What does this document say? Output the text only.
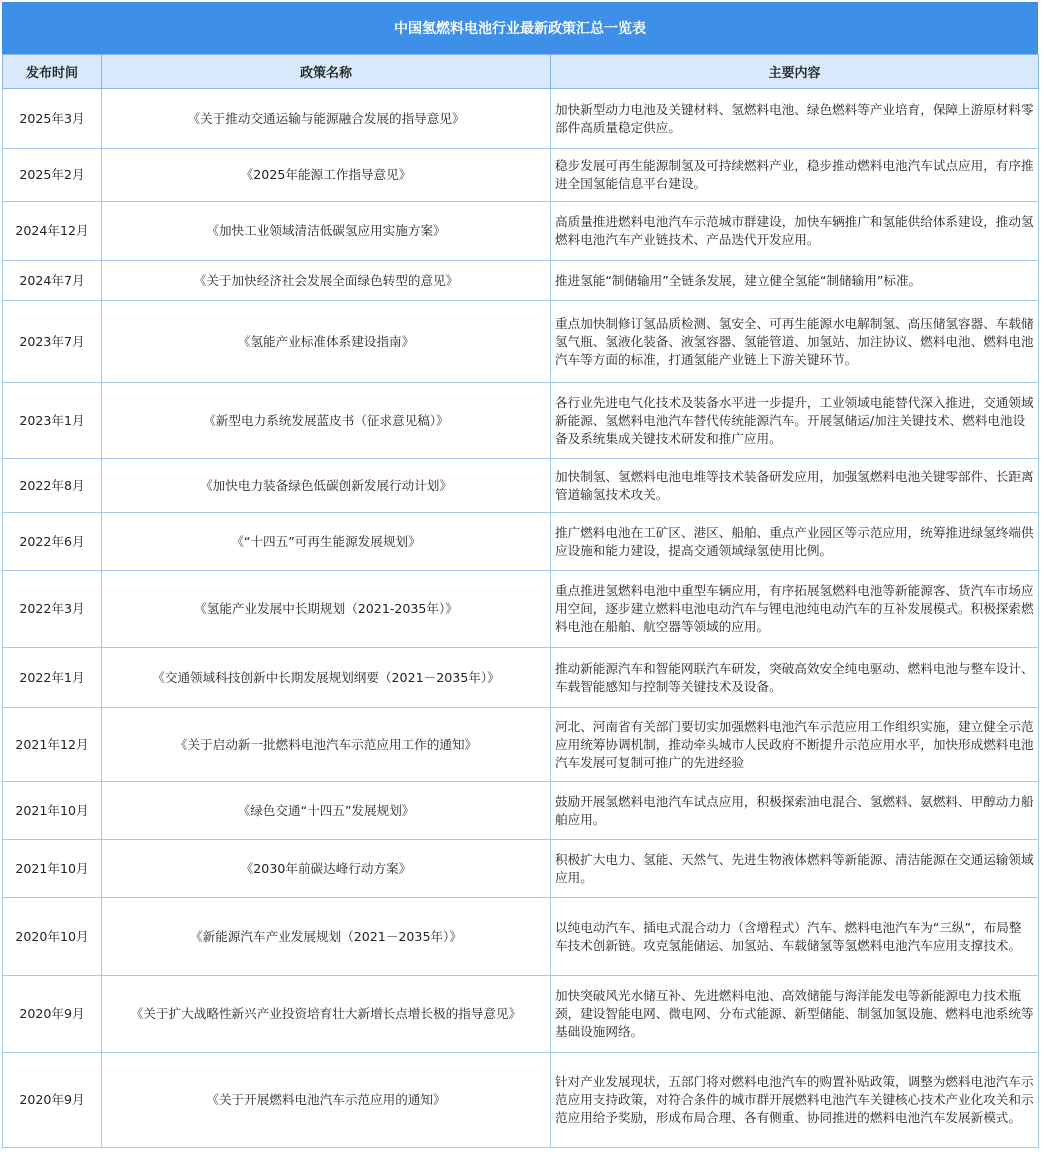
中国氢燃料电池行业最新政策汇总一览表
发布时间	政策名称	主要内容
2025年3月	《关于推动交通运输与能源融合发展的指导意见》	加快新型动力电池及关键材料、氢燃料电池、绿色燃料等产业培育，保障上游原材料零部件高质量稳定供应。
2025年2月	《2025年能源工作指导意见》	稳步发展可再生能源制氢及可持续燃料产业，稳步推动燃料电池汽车试点应用，有序推进全国氢能信息平台建设。
2024年12月	《加快工业领域清洁低碳氢应用实施方案》	高质量推进燃料电池汽车示范城市群建设，加快车辆推广和氢能供给体系建设，推动氢燃料电池汽车产业链技术、产品迭代开发应用。
2024年7月	《关于加快经济社会发展全面绿色转型的意见》	推进氢能“制储输用”全链条发展，建立健全氢能“制储输用”标准。
2023年7月	《氢能产业标准体系建设指南》	重点加快制修订氢品质检测、氢安全、可再生能源水电解制氢、高压储氢容器、车载储氢气瓶、氢液化装备、液氢容器、氢能管道、加氢站、加注协议、燃料电池、燃料电池汽车等方面的标准，打通氢能产业链上下游关键环节。
2023年1月	《新型电力系统发展蓝皮书（征求意见稿）》	各行业先进电气化技术及装备水平进一步提升，工业领域电能替代深入推进，交通领域新能源、氢燃料电池汽车替代传统能源汽车。开展氢储运/加注关键技术、燃料电池设备及系统集成关键技术研发和推广应用。
2022年8月	《加快电力装备绿色低碳创新发展行动计划》	加快制氢、氢燃料电池电堆等技术装备研发应用，加强氢燃料电池关键零部件、长距离管道输氢技术攻关。
2022年6月	《“十四五”可再生能源发展规划》	推广燃料电池在工矿区、港区、船舶、重点产业园区等示范应用，统筹推进绿氢终端供应设施和能力建设，提高交通领域绿氢使用比例。
2022年3月	《氢能产业发展中长期规划（2021-2035年）》	重点推进氢燃料电池中重型车辆应用，有序拓展氢燃料电池等新能源客、货汽车市场应用空间，逐步建立燃料电池电动汽车与锂电池纯电动汽车的互补发展模式。积极探索燃料电池在船舶、航空器等领域的应用。
2022年1月	《交通领域科技创新中长期发展规划纲要（2021－2035年）》	推动新能源汽车和智能网联汽车研发，突破高效安全纯电驱动、燃料电池与整车设计、车载智能感知与控制等关键技术及设备。
2021年12月	《关于启动新一批燃料电池汽车示范应用工作的通知》	河北、河南省有关部门要切实加强燃料电池汽车示范应用工作组织实施，建立健全示范应用统筹协调机制，推动牵头城市人民政府不断提升示范应用水平，加快形成燃料电池汽车发展可复制可推广的先进经验
2021年10月	《绿色交通“十四五”发展规划》	鼓励开展氢燃料电池汽车试点应用，积极探索油电混合、氢燃料、氨燃料、甲醇动力船舶应用。
2021年10月	《2030年前碳达峰行动方案》	积极扩大电力、氢能、天然气、先进生物液体燃料等新能源、清洁能源在交通运输领域应用。
2020年10月	《新能源汽车产业发展规划（2021－2035年）》	以纯电动汽车、插电式混合动力（含增程式）汽车、燃料电池汽车为“三纵”，布局整车技术创新链。攻克氢能储运、加氢站、车载储氢等氢燃料电池汽车应用支撑技术。
2020年9月	《关于扩大战略性新兴产业投资培育壮大新增长点增长极的指导意见》	加快突破风光水储互补、先进燃料电池、高效储能与海洋能发电等新能源电力技术瓶颈，建设智能电网、微电网、分布式能源、新型储能、制氢加氢设施、燃料电池系统等基础设施网络。
2020年9月	《关于开展燃料电池汽车示范应用的通知》	针对产业发展现状，五部门将对燃料电池汽车的购置补贴政策，调整为燃料电池汽车示范应用支持政策，对符合条件的城市群开展燃料电池汽车关键核心技术产业化攻关和示范应用给予奖励，形成布局合理、各有侧重、协同推进的燃料电池汽车发展新模式。
